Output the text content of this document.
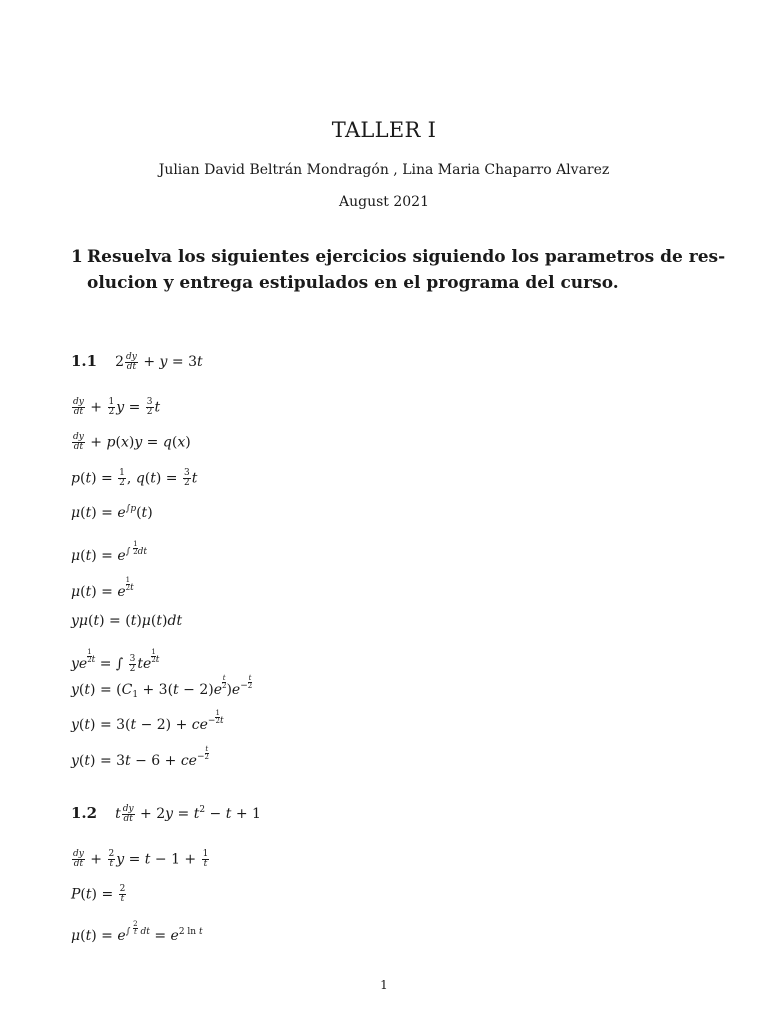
TALLER I
Julian David Beltrán Mondragón , Lina Maria Chaparro Alvarez
August 2021
1 Resuelva los siguientes ejercicios siguiendo los parametros de res-
olucion y entrega estipulados en el programa del curso.
1.1 $2 \frac{dy}{dt} + y = 3t$
$\frac{dy}{dt} + \frac{1}{2}$ $y = \frac{3}{2}$ t
$\frac{dy}{dt} + p(x)y = q(x)$
$p(t) = \frac{1}{2}$ , $q(t) = \frac{3}{2}$ t
$\mu(t) = e^{\int p}(t)$
$\mu(t) = e^{\int \frac{1}{2} dt}$
μ(t) = e $^{\frac{1}{2} t}$
yμ(t) = (t)μ(t)dt
ye $^{\frac{1}{2} t}$ = ∫ $\frac{3}{2}$ te $^{\frac{1}{2} t}$
$y(t) = (C_1 + 3(t - 2)e$ $^{\frac{t}{2}}$ )$e^{- \frac{t}{2}}$
$y(t) = 3(t - 2) + ce^{- \frac{1}{2} t}$
$y(t) = 3t - 6 + ce^{- \frac{t}{2}}$
1.2 t $\frac{dy}{dt} + 2y = t^2 - t + 1$
$\frac{dy}{dt} + \frac{2}{t}$ $y = t - 1 + \frac{1}{t}$
$P(t) = \frac{2}{t}$
$\mu(t) = e^{\int \frac{2}{t} dt} = e^{2 ln t}$
1
